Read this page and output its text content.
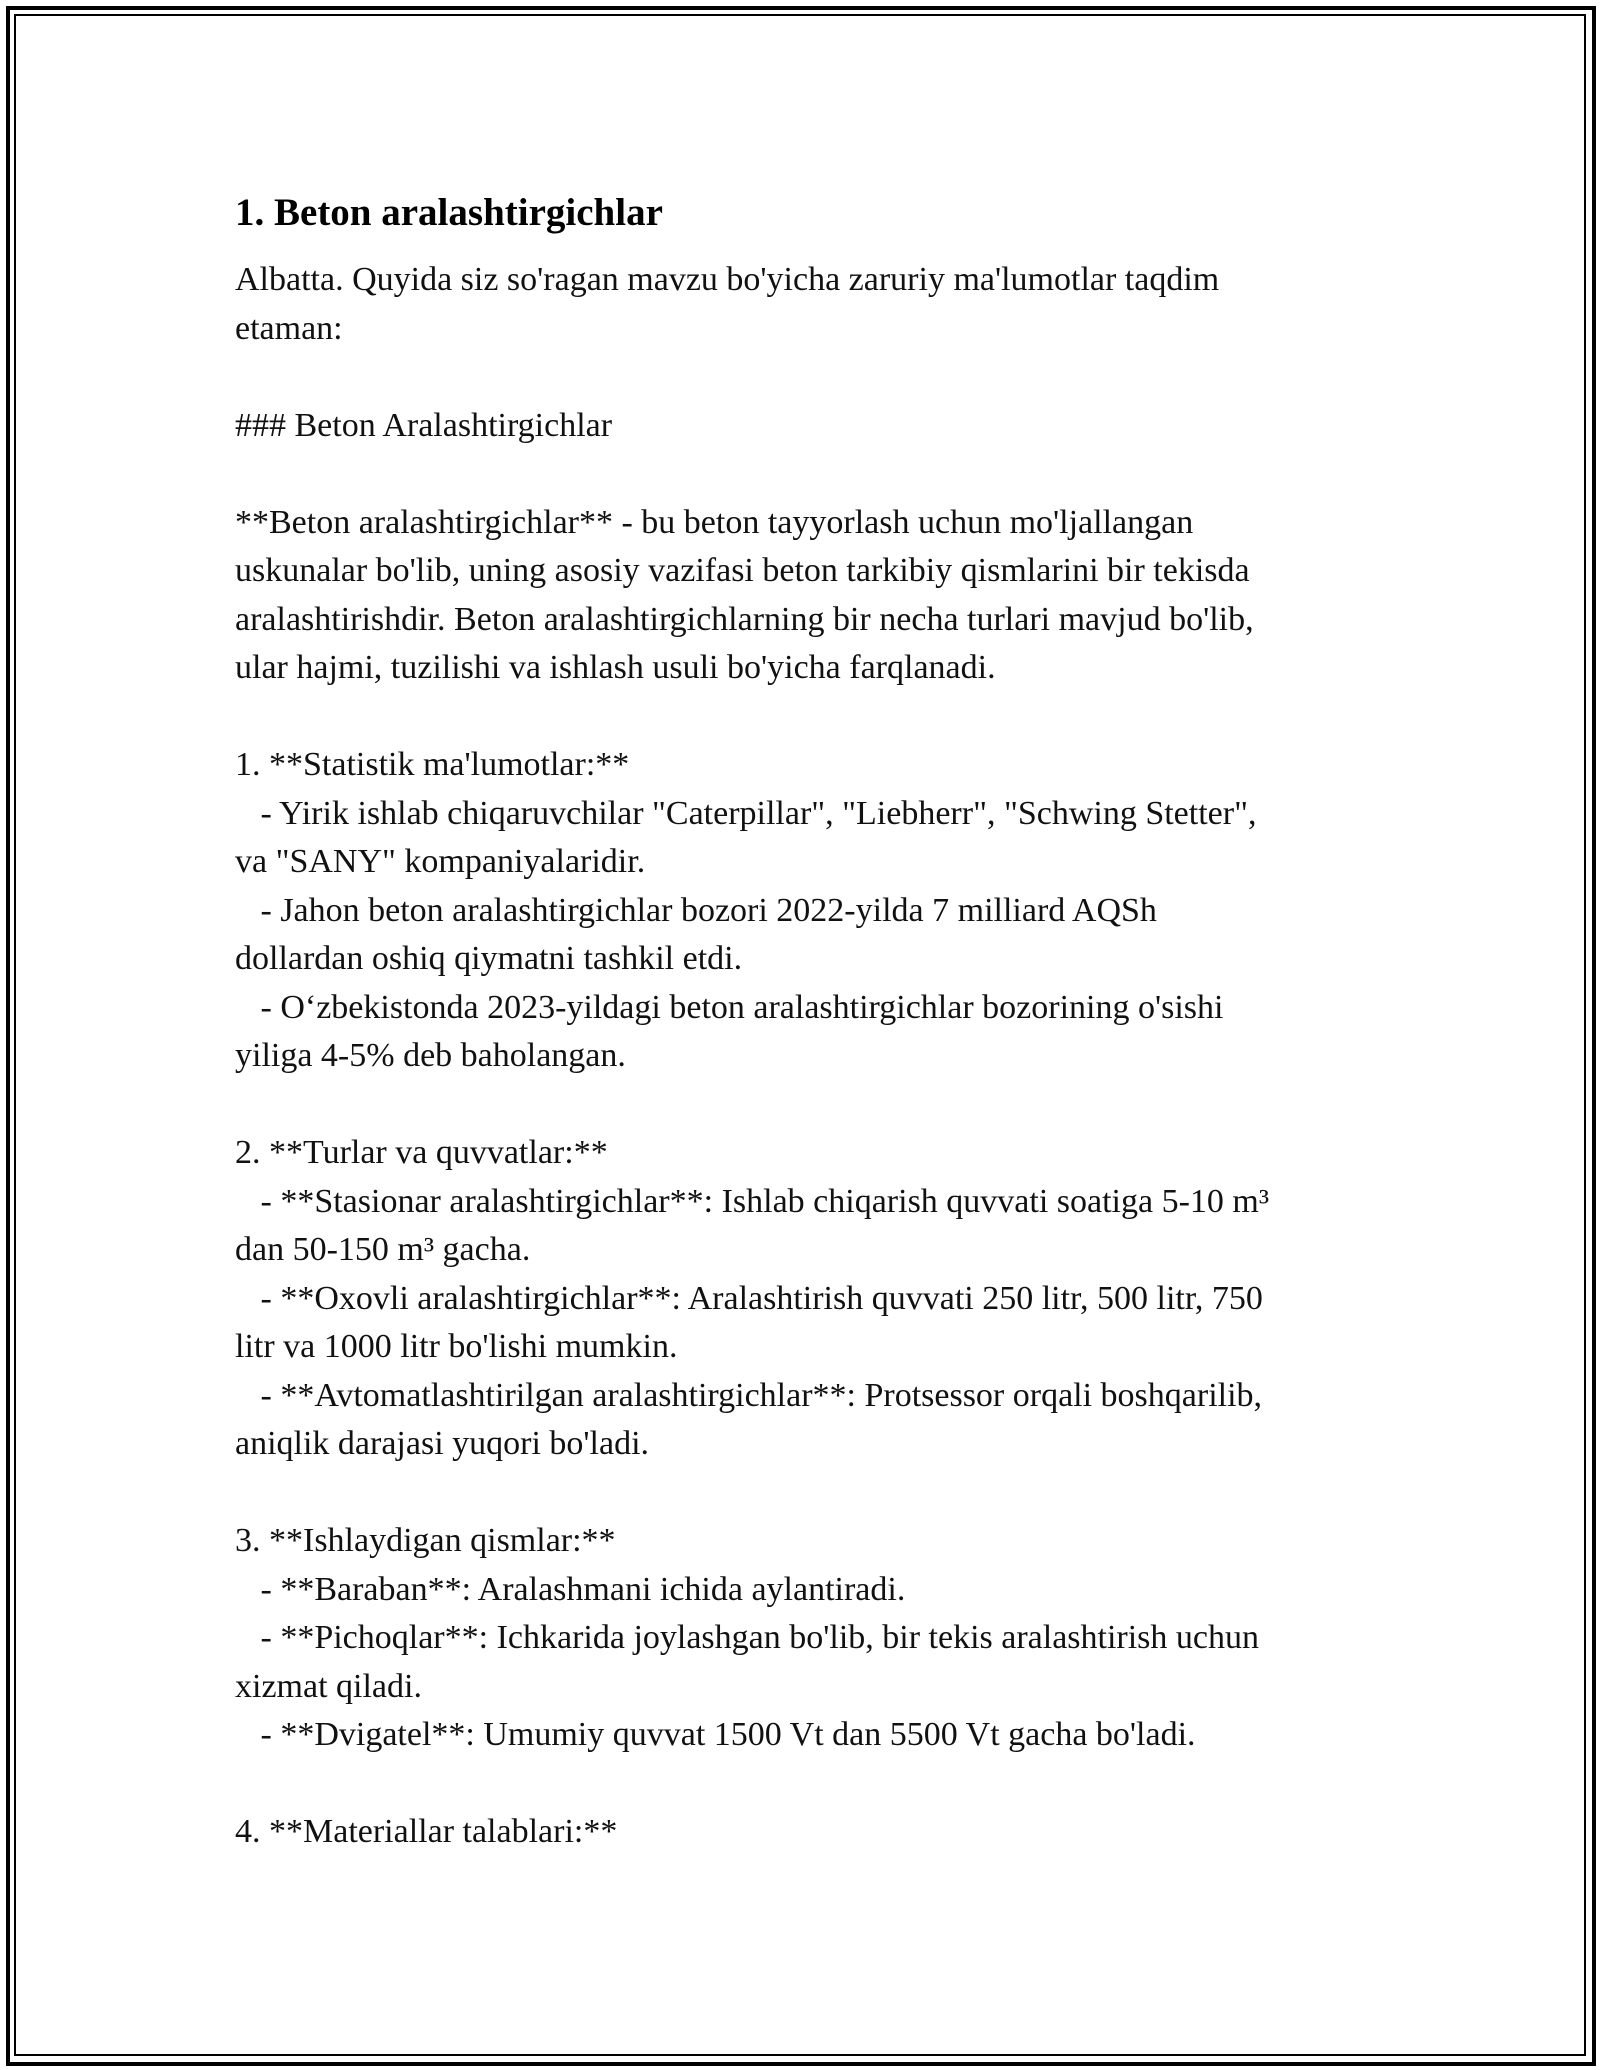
1. Beton aralashtirgichlar

Albatta. Quyida siz so'ragan mavzu bo'yicha zaruriy ma'lumotlar taqdim
etaman:

### Beton Aralashtirgichlar

**Beton aralashtirgichlar** - bu beton tayyorlash uchun mo'ljallangan
uskunalar bo'lib, uning asosiy vazifasi beton tarkibiy qismlarini bir tekisda
aralashtirishdir. Beton aralashtirgichlarning bir necha turlari mavjud bo'lib,
ular hajmi, tuzilishi va ishlash usuli bo'yicha farqlanadi.

1. **Statistik ma'lumotlar:**
- Yirik ishlab chiqaruvchilar "Caterpillar", "Liebherr", "Schwing Stetter",
va "SANY" kompaniyalaridir.
- Jahon beton aralashtirgichlar bozori 2022-yilda 7 milliard AQSh
dollardan oshiq qiymatni tashkil etdi.
- O‘zbekistonda 2023-yildagi beton aralashtirgichlar bozorining o'sishi
yiliga 4-5% deb baholangan.

2. **Turlar va quvvatlar:**
- **Stasionar aralashtirgichlar**: Ishlab chiqarish quvvati soatiga 5-10 m³
dan 50-150 m³ gacha.
- **Oxovli aralashtirgichlar**: Aralashtirish quvvati 250 litr, 500 litr, 750
litr va 1000 litr bo'lishi mumkin.
- **Avtomatlashtirilgan aralashtirgichlar**: Protsessor orqali boshqarilib,
aniqlik darajasi yuqori bo'ladi.

3. **Ishlaydigan qismlar:**
- **Baraban**: Aralashmani ichida aylantiradi.
- **Pichoqlar**: Ichkarida joylashgan bo'lib, bir tekis aralashtirish uchun
xizmat qiladi.
- **Dvigatel**: Umumiy quvvat 1500 Vt dan 5500 Vt gacha bo'ladi.

4. **Materiallar talablari:**
